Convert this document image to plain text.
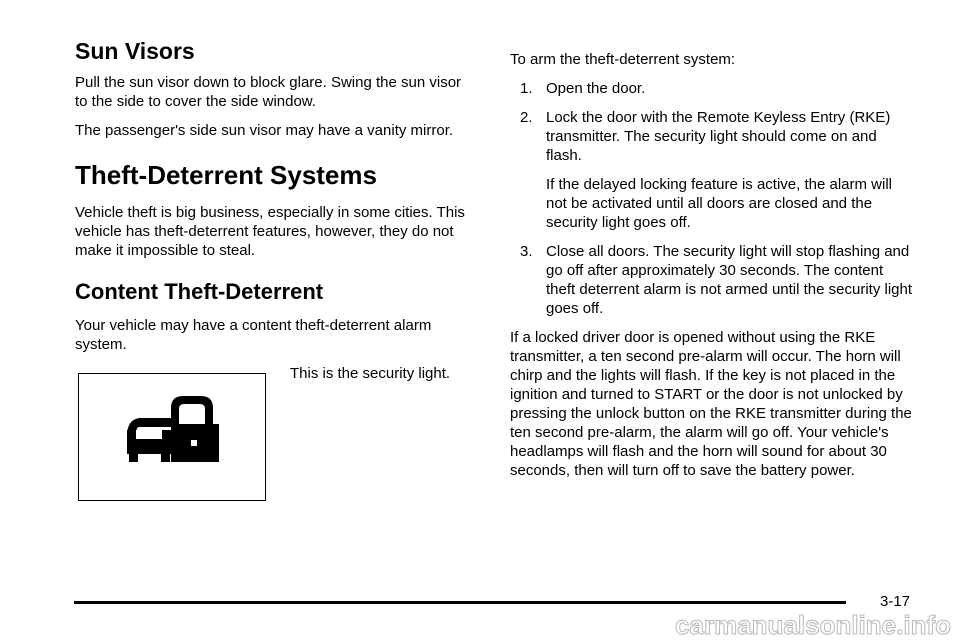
Sun Visors

Pull the sun visor down to block glare. Swing the sun visor to the side to cover the side window.

The passenger's side sun visor may have a vanity mirror.

Theft-Deterrent Systems

Vehicle theft is big business, especially in some cities. This vehicle has theft-deterrent features, however, they do not make it impossible to steal.

Content Theft-Deterrent

Your vehicle may have a content theft-deterrent alarm system.

This is the security light.

To arm the theft-deterrent system:

1. Open the door.
2. Lock the door with the Remote Keyless Entry (RKE) transmitter. The security light should come on and flash.
If the delayed locking feature is active, the alarm will not be activated until all doors are closed and the security light goes off.
3. Close all doors. The security light will stop flashing and go off after approximately 30 seconds. The content theft deterrent alarm is not armed until the security light goes off.

If a locked driver door is opened without using the RKE transmitter, a ten second pre-alarm will occur. The horn will chirp and the lights will flash. If the key is not placed in the ignition and turned to START or the door is not unlocked by pressing the unlock button on the RKE transmitter during the ten second pre-alarm, the alarm will go off. Your vehicle's headlamps will flash and the horn will sound for about 30 seconds, then will turn off to save the battery power.

3-17
carmanualsonline.info
